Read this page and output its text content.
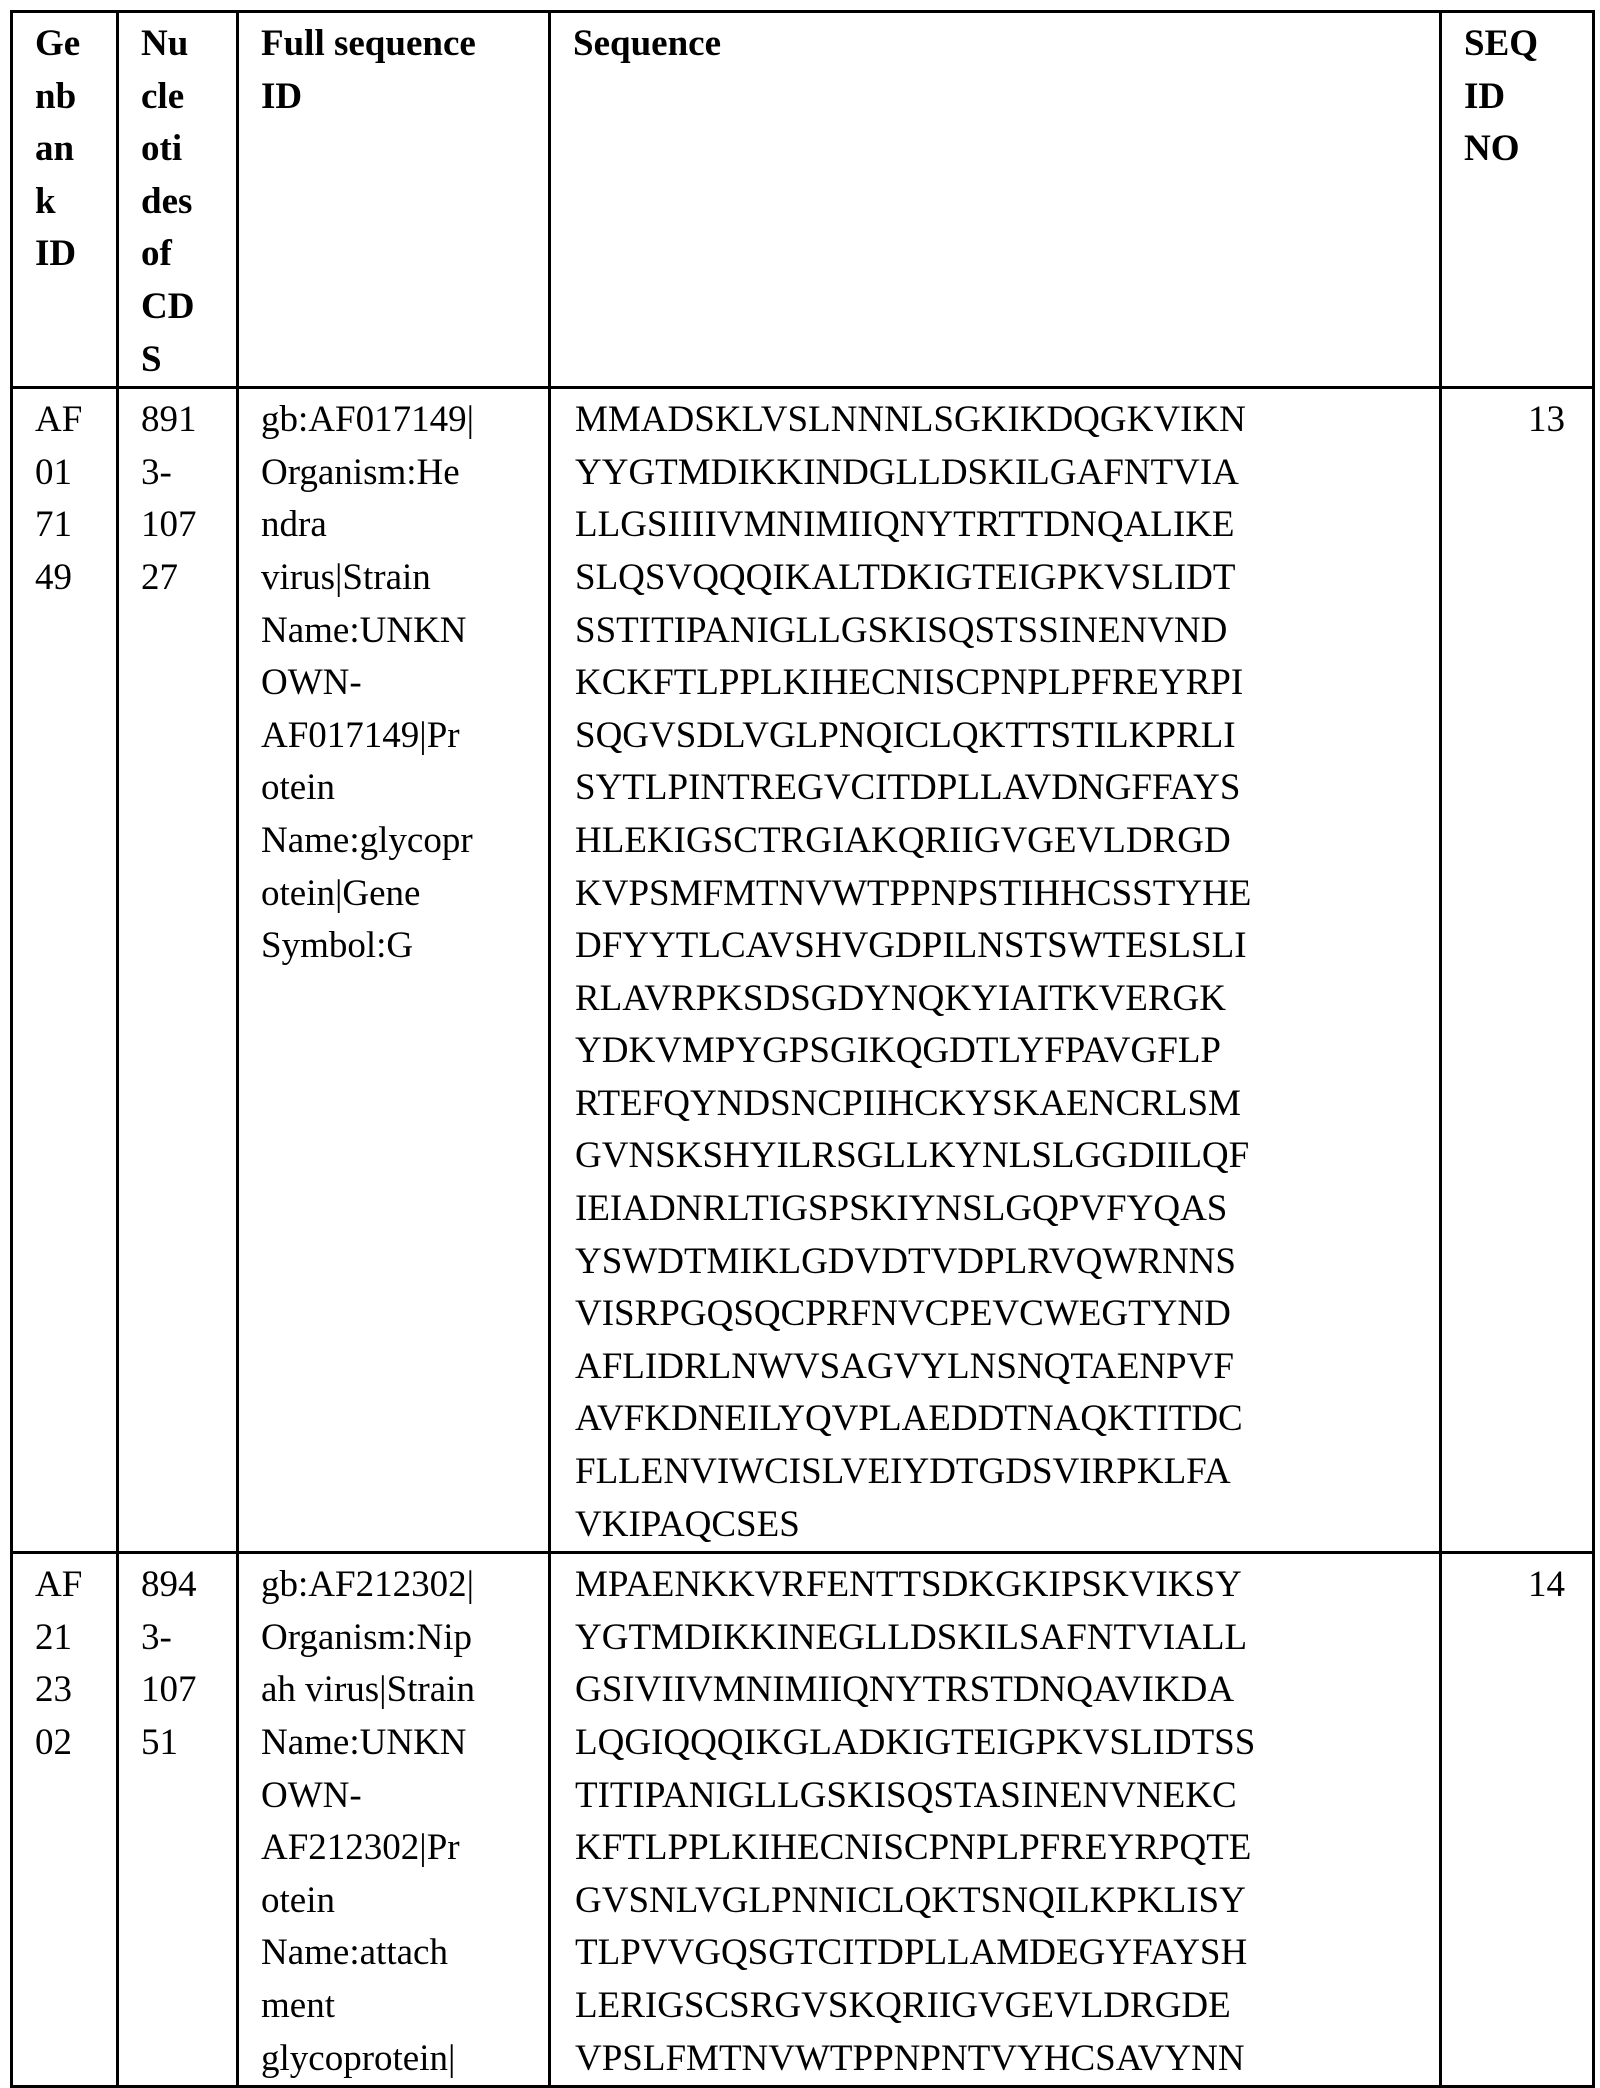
Ge
nb
an
k
ID

Nu
cle
oti
des
of
CD
S

Full sequence
ID

Sequence	SEQ
ID
NO

AF
01
71
49

891
3-
107
27

gb:AF017149|
Organism:He
ndra
virus|Strain
Name:UNKN
OWN-
AF017149|Pr
otein
Name:glycopr
otein|Gene
Symbol:G

MMADSKLVSLNNNLSGKIKDQGKVIKN
YYGTMDIKKINDGLLDSKILGAFNTVIA
LLGSIIIIVMNIMIIQNYTRTTDNQALIKE
SLQSVQQQIKALTDKIGTEIGPKVSLIDT
SSTITIPANIGLLGSKISQSTSSINENVND
KCKFTLPPLKIHECNISCPNPLPFREYRPI
SQGVSDLVGLPNQICLQKTTSTILKPRLI
SYTLPINTREGVCITDPLLAVDNGFFAYS
HLEKIGSCTRGIAKQRIIGVGEVLDRGD
KVPSMFMTNVWTPPNPSTIHHCSSTYHE
DFYYTLCAVSHVGDPILNSTSWTESLSLI
RLAVRPKSDSGDYNQKYIAITKVERGK
YDKVMPYGPSGIKQGDTLYFPAVGFLP
RTEFQYNDSNCPIIHCKYSKAENCRLSM
GVNSKSHYILRSGLLKYNLSLGGDIILQF
IEIADNRLTIGSPSKIYNSLGQPVFYQAS
YSWDTMIKLGDVDTVDPLRVQWRNNS
VISRPGQSQCPRFNVCPEVCWEGTYND
AFLIDRLNWVSAGVYLNSNQTAENPVF
AVFKDNEILYQVPLAEDDTNAQKTITDC
FLLENVIWCISLVEIYDTGDSVIRPKLFA
VKIPAQCSES
	13

AF
21
23
02

894
3-
107
51

gb:AF212302|
Organism:Nip
ah virus|Strain
Name:UNKN
OWN-
AF212302|Pr
otein
Name:attach
ment
glycoprotein|

MPAENKKVRFENTTSDKGKIPSKVIKSY
YGTMDIKKINEGLLDSKILSAFNTVIALL
GSIVIIVMNIMIIQNYTRSTDNQAVIKDA
LQGIQQQIKGLADKIGTEIGPKVSLIDTSS
TITIPANIGLLGSKISQSTASINENVNEKC
KFTLPPLKIHECNISCPNPLPFREYRPQTE
GVSNLVGLPNNICLQKTSNQILKPKLISY
TLPVVGQSGTCITDPLLAMDEGYFAYSH
LERIGSCSRGVSKQRIIGVGEVLDRGDE
VPSLFMTNVWTPPNPNTVYHCSAVYNN
	14
